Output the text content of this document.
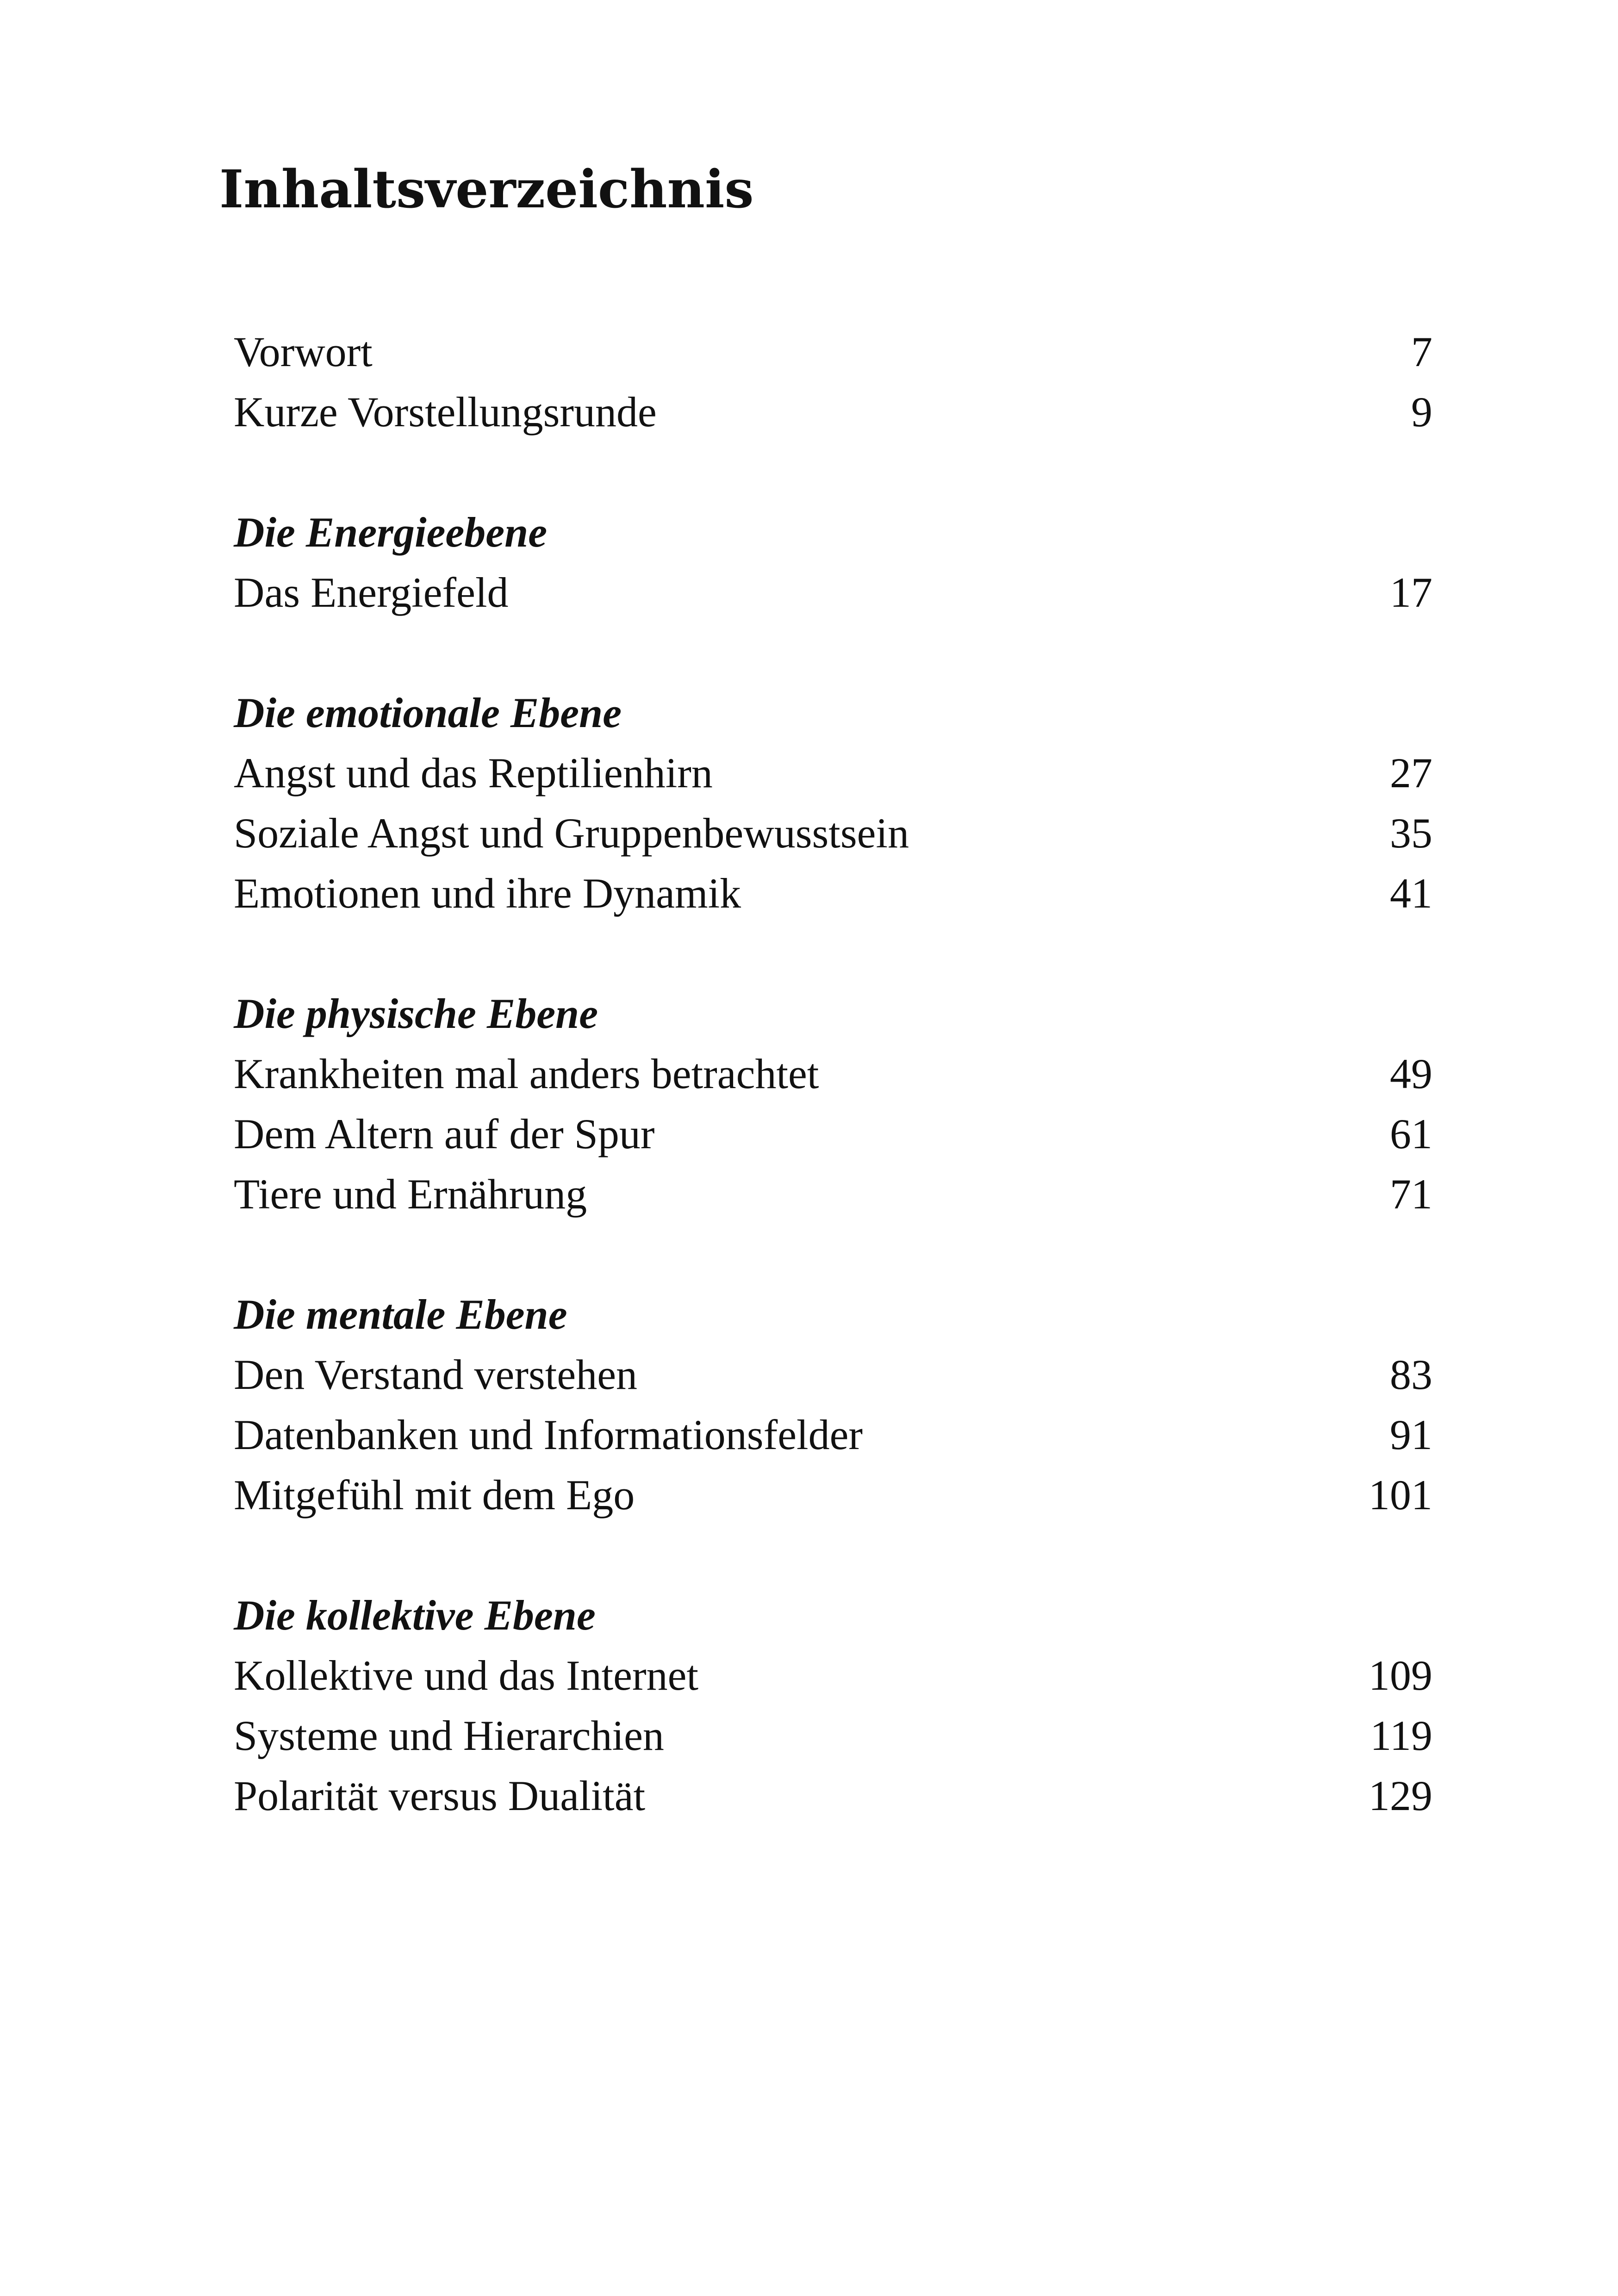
Inhaltsverzeichnis
Vorwort	7
Kurze Vorstellungsrunde	9
Die Energieebene
Das Energiefeld	17
Die emotionale Ebene
Angst und das Reptilienhirn	27
Soziale Angst und Gruppenbewusstsein	35
Emotionen und ihre Dynamik	41
Die physische Ebene
Krankheiten mal anders betrachtet	49
Dem Altern auf der Spur	61
Tiere und Ernährung	71
Die mentale Ebene
Den Verstand verstehen	83
Datenbanken und Informationsfelder	91
Mitgefühl mit dem Ego	101
Die kollektive Ebene
Kollektive und das Internet	109
Systeme und Hierarchien	119
Polarität versus Dualität	129
